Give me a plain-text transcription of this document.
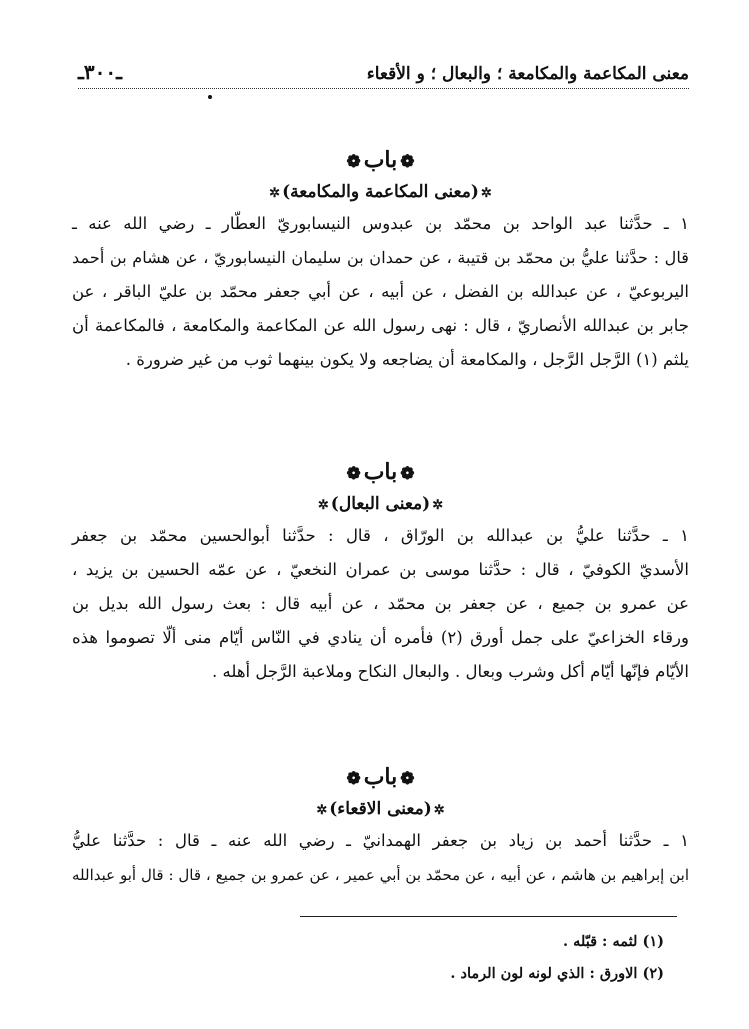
معنى المكاعمة والمكامعة ؛ والبعال ؛ و الأقعاء
ـ٣٠٠ـ
❁باب❁
✲(معنى المكاعمة والمكامعة)✲
١ ـ حدَّثنا عبد الواحد بن محمّد بن عبدوس النيسابوريّ العطّار ـ رضي الله عنه ـ
قال : حدَّثنا عليُّ بن محمّد بن قتيبة ، عن حمدان بن سليمان النيسابوريّ ، عن هشام بن أحمد
اليربوعيّ ، عن عبدالله بن الفضل ، عن أبيه ، عن أبي جعفر محمّد بن عليّ الباقر ، عن
جابر بن عبدالله الأنصاريّ ، قال : نهى رسول الله عن المكاعمة والمكامعة ، فالمكاعمة أن
يلثم (١) الرَّجل الرَّجل ، والمكامعة أن يضاجعه ولا يكون بينهما ثوب من غير ضرورة .
❁باب❁
✲(معنى البعال)✲
١ ـ حدَّثنا عليُّ بن عبدالله بن الورّاق ، قال : حدَّثنا أبوالحسين محمّد بن جعفر
الأسديّ الكوفيّ ، قال : حدَّثنا موسى بن عمران النخعيّ ، عن عمّه الحسين بن يزيد ،
عن عمرو بن جميع ، عن جعفر بن محمّد ، عن أبيه قال : بعث رسول الله بديل بن
ورقاء الخزاعيّ على جمل أورق (٢) فأمره أن ينادي في النّاس أيّام منى ألّا تصوموا هذه
الأيّام فإنّها أيّام أكل وشرب وبعال . والبعال النكاح وملاعبة الرَّجل أهله .
❁باب❁
✲(معنى الاقعاء)✲
١ ـ حدَّثنا أحمد بن زياد بن جعفر الهمدانيّ ـ رضي الله عنه ـ قال : حدَّثنا عليُّ
ابن إبراهيم بن هاشم ، عن أبيه ، عن محمّد بن أبي عمير ، عن عمرو بن جميع ، قال : قال أبو عبدالله
(١) لثمه : قبّله .
(٢) الاورق : الذي لونه لون الرماد .
